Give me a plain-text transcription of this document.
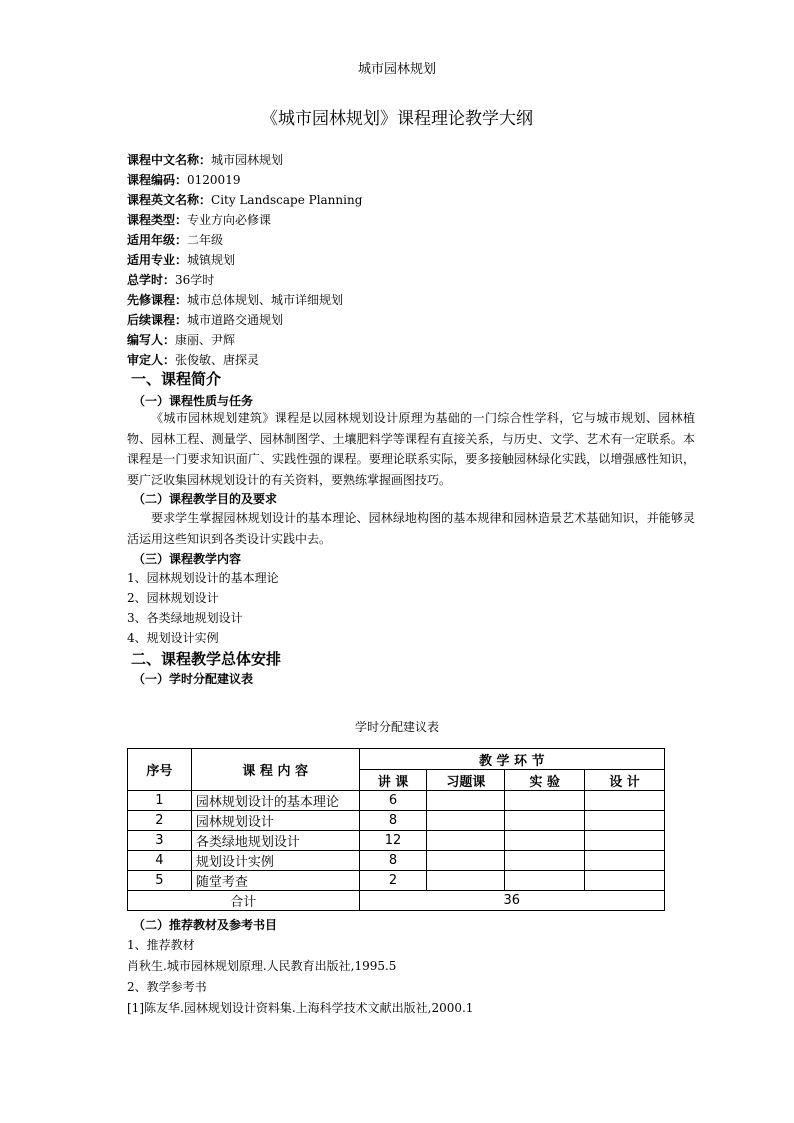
城市园林规划
《城市园林规划》课程理论教学大纲
课程中文名称：城市园林规划
课程编码：0120019
课程英文名称：City Landscape Planning
课程类型：专业方向必修课
适用年级：二年级
适用专业：城镇规划
总学时：36学时
先修课程：城市总体规划、城市详细规划
后续课程：城市道路交通规划
编写人：康丽、尹辉
审定人：张俊敏、唐探灵
一、课程简介
（一）课程性质与任务
《城市园林规划建筑》课程是以园林规划设计原理为基础的一门综合性学科，它与城市规划、园林植物、园林工程、测量学、园林制图学、土壤肥料学等课程有直接关系，与历史、文学、艺术有一定联系。本课程是一门要求知识面广、实践性强的课程。要理论联系实际，要多接触园林绿化实践，以增强感性知识，要广泛收集园林规划设计的有关资料，要熟练掌握画图技巧。
（二）课程教学目的及要求
要求学生掌握园林规划设计的基本理论、园林绿地构图的基本规律和园林造景艺术基础知识，并能够灵活运用这些知识到各类设计实践中去。
（三）课程教学内容
1、园林规划设计的基本理论
2、园林规划设计
3、各类绿地规划设计
4、规划设计实例
二、课程教学总体安排
（一）学时分配建议表
学时分配建议表
序号	课 程 内 容	教 学 环 节			
		讲 课	习题课	实 验	设 计
1	园林规划设计的基本理论	6			
2	园林规划设计	8			
3	各类绿地规划设计	12			
4	规划设计实例	8			
5	随堂考查	2			
合计		36			
（二）推荐教材及参考书目
1、推荐教材
肖秋生.城市园林规划原理.人民教育出版社,1995.5
2、教学参考书
[1]陈友华.园林规划设计资料集.上海科学技术文献出版社,2000.1
